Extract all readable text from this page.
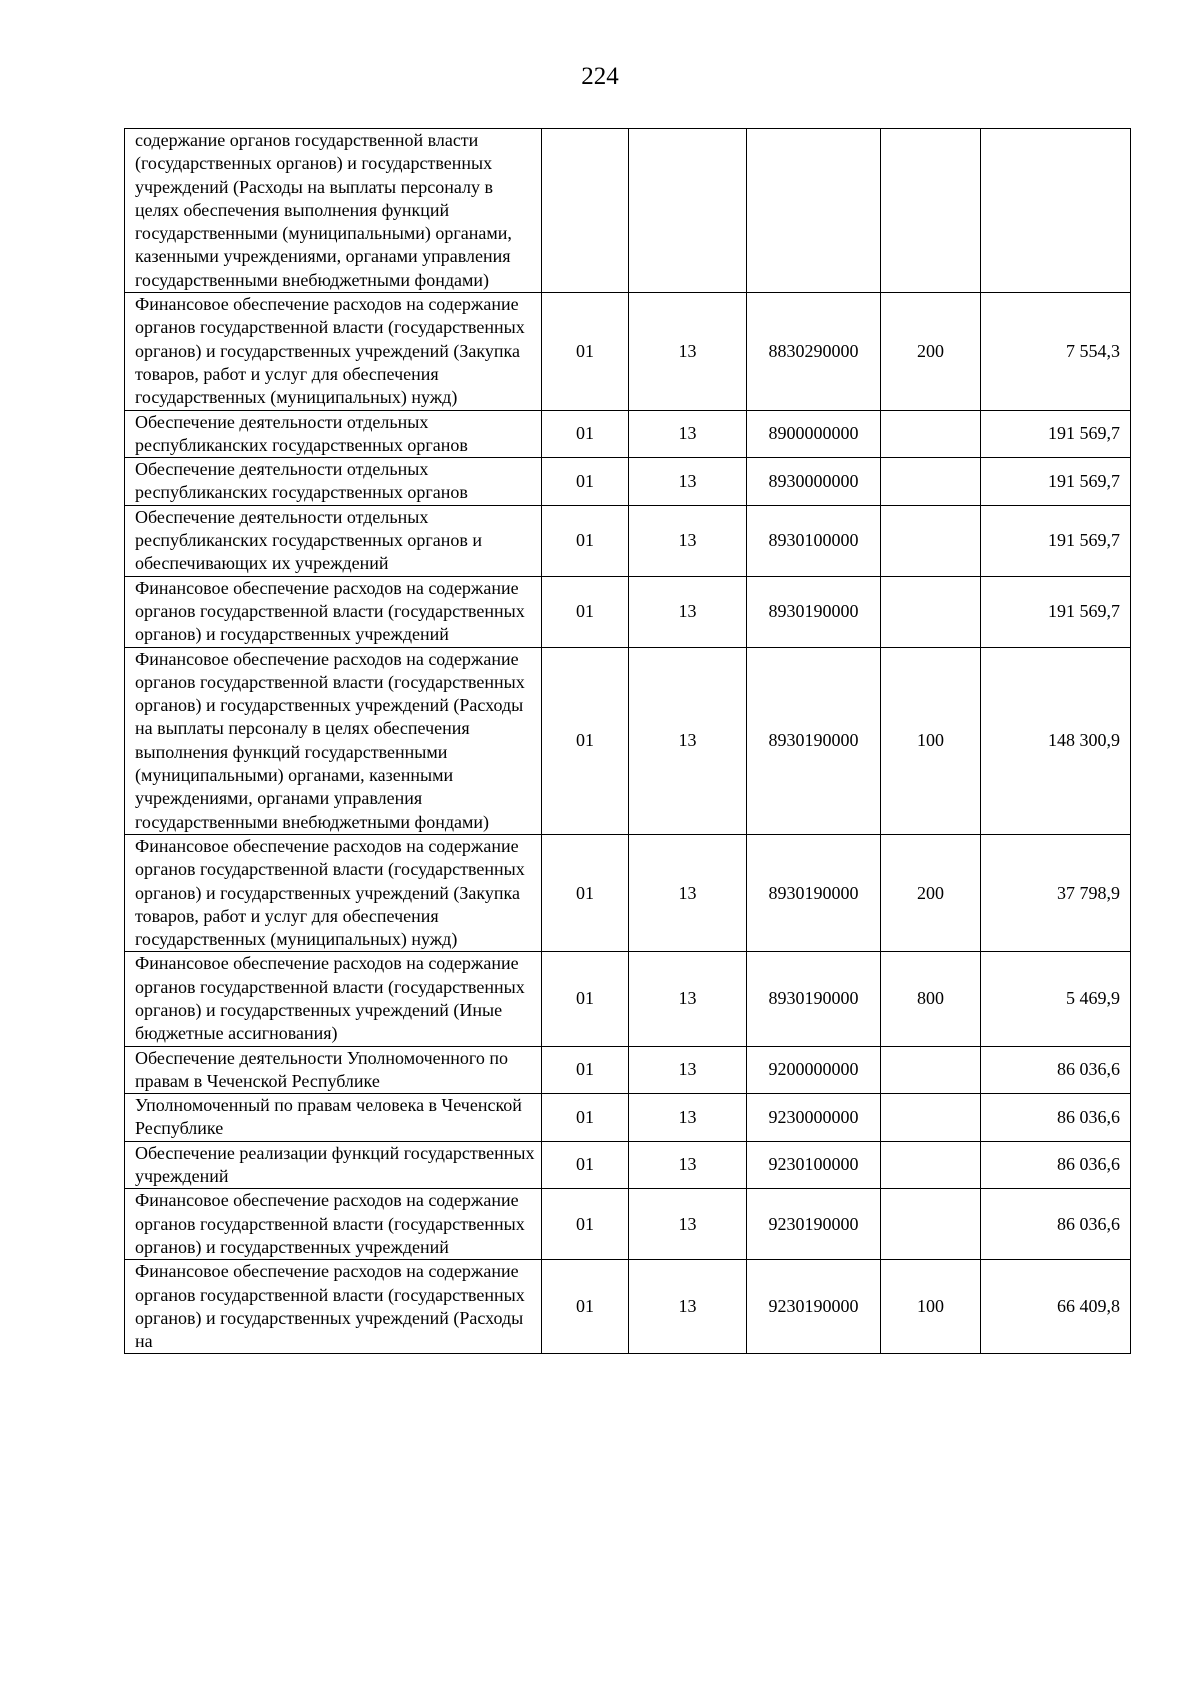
224
содержание органов государственной власти (государственных органов) и государственных учреждений (Расходы на выплаты персоналу в целях обеспечения выполнения функций государственными (муниципальными) органами, казенными учреждениями, органами управления государственными внебюджетными фондами)					
Финансовое обеспечение расходов на содержание органов государственной власти (государственных органов) и государственных учреждений (Закупка товаров, работ и услуг для обеспечения государственных (муниципальных) нужд)	01	13	8830290000	200	7 554,3
Обеспечение деятельности отдельных республиканских государственных органов	01	13	8900000000		191 569,7
Обеспечение деятельности отдельных республиканских государственных органов	01	13	8930000000		191 569,7
Обеспечение деятельности отдельных республиканских государственных органов и обеспечивающих их учреждений	01	13	8930100000		191 569,7
Финансовое обеспечение расходов на содержание органов государственной власти (государственных органов) и государственных учреждений	01	13	8930190000		191 569,7
Финансовое обеспечение расходов на содержание органов государственной власти (государственных органов) и государственных учреждений (Расходы на выплаты персоналу в целях обеспечения выполнения функций государственными (муниципальными) органами, казенными учреждениями, органами управления государственными внебюджетными фондами)	01	13	8930190000	100	148 300,9
Финансовое обеспечение расходов на содержание органов государственной власти (государственных органов) и государственных учреждений (Закупка товаров, работ и услуг для обеспечения государственных (муниципальных) нужд)	01	13	8930190000	200	37 798,9
Финансовое обеспечение расходов на содержание органов государственной власти (государственных органов) и государственных учреждений (Иные бюджетные ассигнования)	01	13	8930190000	800	5 469,9
Обеспечение деятельности Уполномоченного по правам в Чеченской Республике	01	13	9200000000		86 036,6
Уполномоченный по правам человека в Чеченской Республике	01	13	9230000000		86 036,6
Обеспечение реализации функций государственных учреждений	01	13	9230100000		86 036,6
Финансовое обеспечение расходов на содержание органов государственной власти (государственных органов) и государственных учреждений	01	13	9230190000		86 036,6
Финансовое обеспечение расходов на содержание органов государственной власти (государственных органов) и государственных учреждений (Расходы на	01	13	9230190000	100	66 409,8
